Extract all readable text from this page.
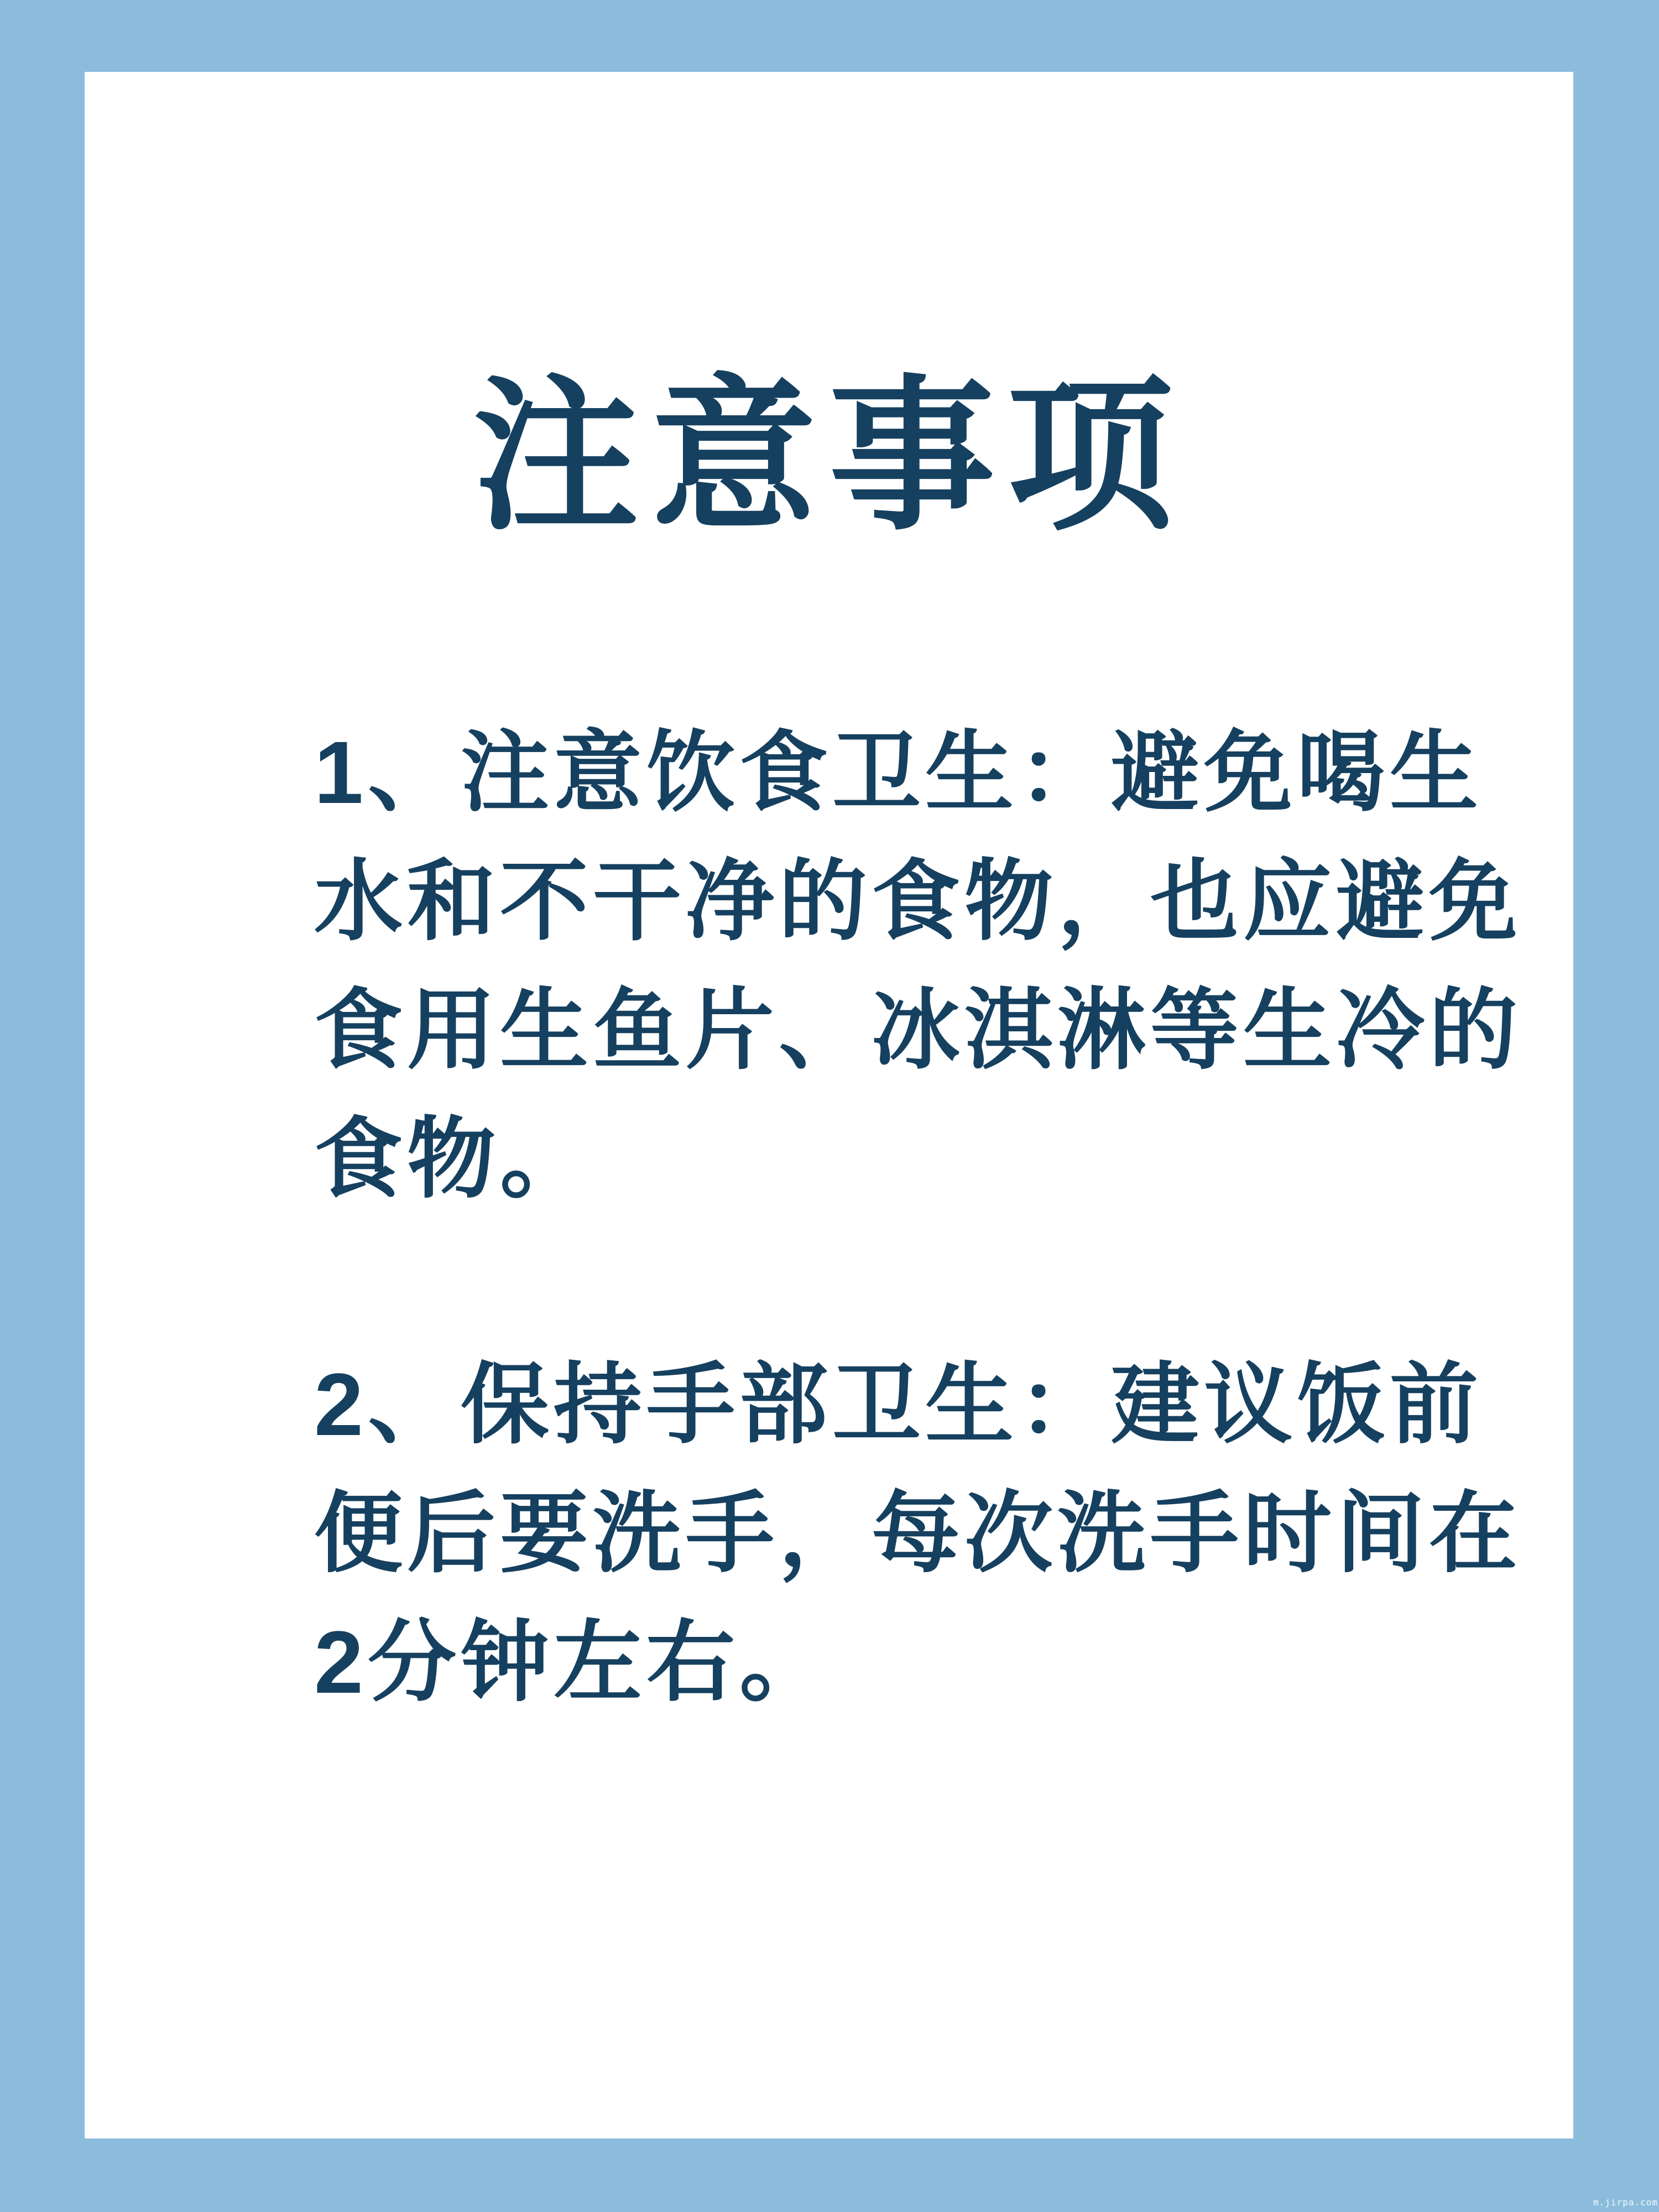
注意事项
1、注意饮食卫生：避免喝生
水和不干净的食物，也应避免
食用生鱼片、冰淇淋等生冷的
食物。
2、保持手部卫生：建议饭前
便后要洗手，每次洗手时间在
2分钟左右。
m.jirpa.com
